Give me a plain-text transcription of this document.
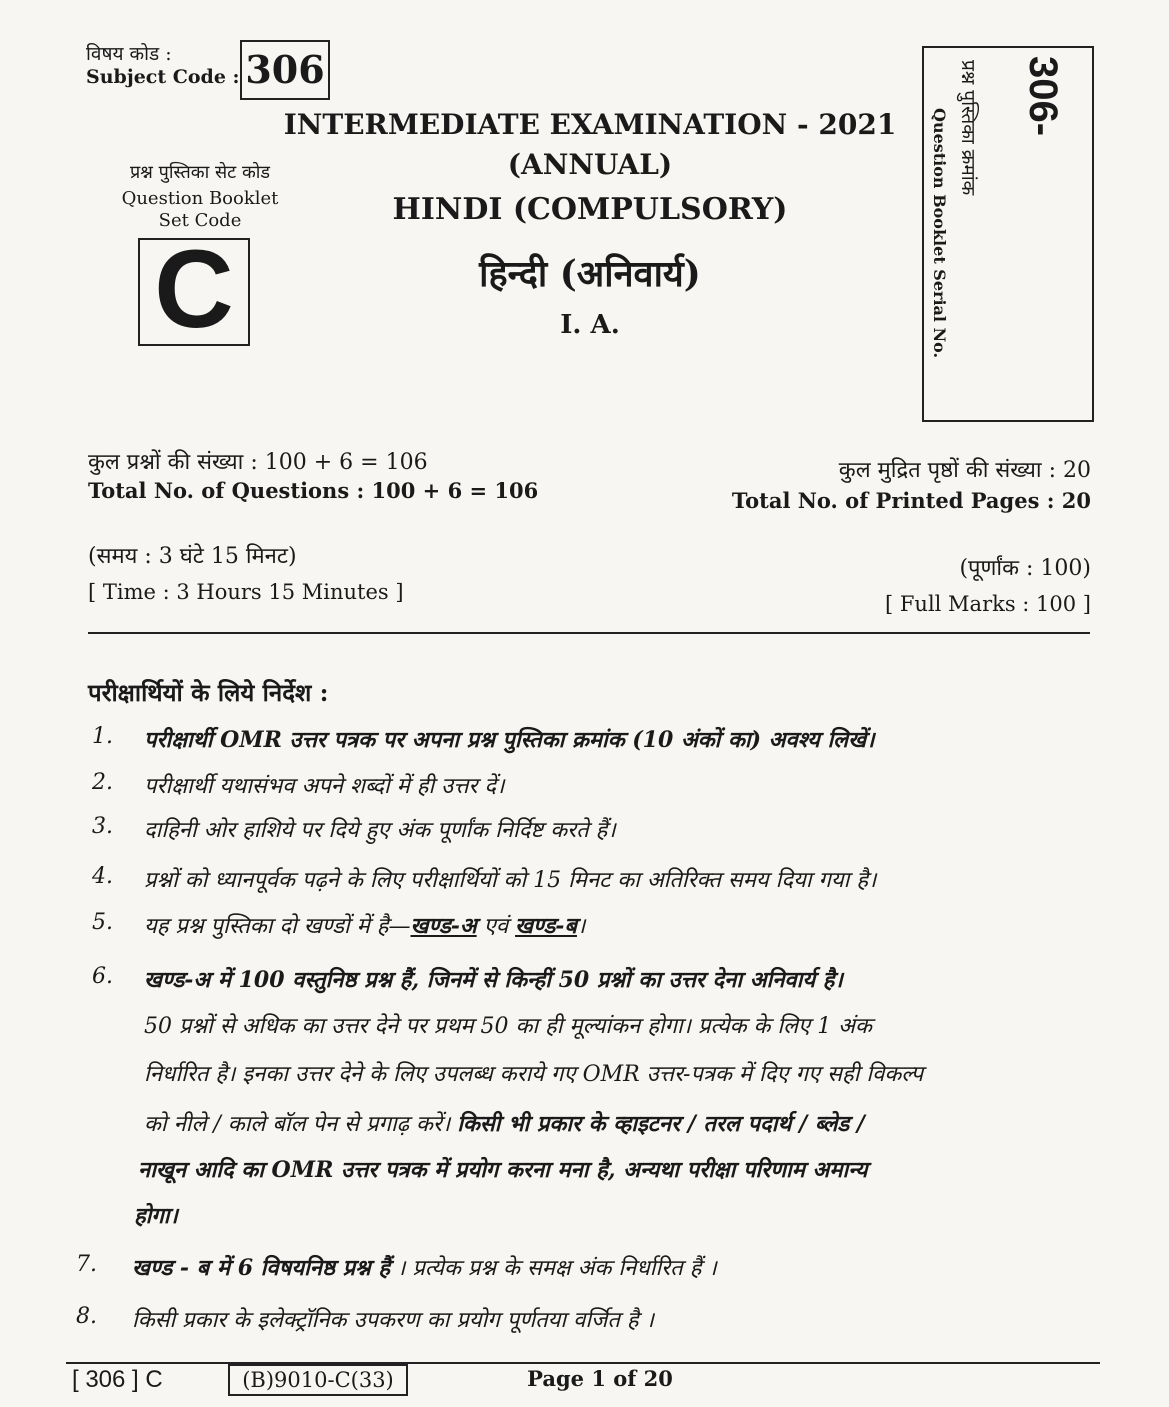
विषय कोड :
Subject Code : 306
प्रश्न पुस्तिका सेट कोड
Question Booklet
Set Code
C
INTERMEDIATE EXAMINATION - 2021
(ANNUAL)
HINDI (COMPULSORY)
हिन्दी (अनिवार्य)
I. A.
306-
प्रश्न पुस्तिका क्रमांक
Question Booklet Serial No.
कुल प्रश्नों की संख्या : 100 + 6 = 106
Total No. of Questions : 100 + 6 = 106
कुल मुद्रित पृष्ठों की संख्या : 20
Total No. of Printed Pages : 20
(समय : 3 घंटे 15 मिनट)
[ Time : 3 Hours 15 Minutes ]
(पूर्णांक : 100)
[ Full Marks : 100 ]
परीक्षार्थियों के लिये निर्देश :
1. परीक्षार्थी OMR उत्तर पत्रक पर अपना प्रश्न पुस्तिका क्रमांक (10 अंकों का) अवश्य लिखें।
2. परीक्षार्थी यथासंभव अपने शब्दों में ही उत्तर दें।
3. दाहिनी ओर हाशिये पर दिये हुए अंक पूर्णांक निर्दिष्ट करते हैं।
4. प्रश्नों को ध्यानपूर्वक पढ़ने के लिए परीक्षार्थियों को 15 मिनट का अतिरिक्त समय दिया गया है।
5. यह प्रश्न पुस्तिका दो खण्डों में है—खण्ड-अ एवं खण्ड-ब।
6. खण्ड-अ में 100 वस्तुनिष्ठ प्रश्न हैं, जिनमें से किन्हीं 50 प्रश्नों का उत्तर देना अनिवार्य है।
50 प्रश्नों से अधिक का उत्तर देने पर प्रथम 50 का ही मूल्यांकन होगा। प्रत्येक के लिए 1 अंक
निर्धारित है। इनका उत्तर देने के लिए उपलब्ध कराये गए OMR उत्तर-पत्रक में दिए गए सही विकल्प
को नीले / काले बॉल पेन से प्रगाढ़ करें। किसी भी प्रकार के व्हाइटनर / तरल पदार्थ / ब्लेड /
नाखून आदि का OMR उत्तर पत्रक में प्रयोग करना मना है, अन्यथा परीक्षा परिणाम अमान्य
होगा।
7. खण्ड - ब में 6 विषयनिष्ठ प्रश्न हैं । प्रत्येक प्रश्न के समक्ष अंक निर्धारित हैं ।
8. किसी प्रकार के इलेक्ट्रॉनिक उपकरण का प्रयोग पूर्णतया वर्जित है ।
[ 306 ] C	(B)9010-C(33)	Page 1 of 20
